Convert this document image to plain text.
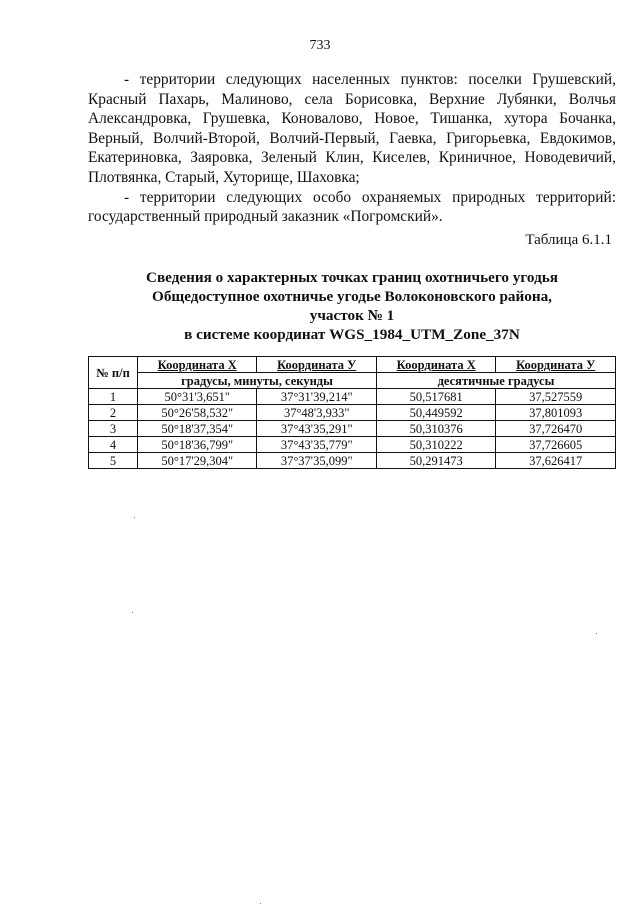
733

- территории следующих населенных пунктов: поселки Грушевский, Красный Пахарь, Малиново, села Борисовка, Верхние Лубянки, Волчья Александровка, Грушевка, Коновалово, Новое, Тишанка, хутора Бочанка, Верный, Волчий-Второй, Волчий-Первый, Гаевка, Григорьевка, Евдокимов, Екатериновка, Заяровка, Зеленый Клин, Киселев, Криничное, Новодевичий, Плотвянка, Старый, Хуторище, Шаховка;

- территории следующих особо охраняемых природных территорий: государственный природный заказник «Погромский».

Таблица 6.1.1
Сведения о характерных точках границ охотничьего угодья
Общедоступное охотничье угодье Волоконовского района,
участок № 1
в системе координат WGS_1984_UTM_Zone_37N
№ п/п	Координата Х	Координата У	Координата Х	Координата У
	градусы, минуты, секунды		десятичные градусы	
1	50°31'3,651"	37°31'39,214"	50,517681	37,527559
2	50°26'58,532"	37°48'3,933"	50,449592	37,801093
3	50°18'37,354"	37°43'35,291"	50,310376	37,726470
4	50°18'36,799"	37°43'35,779"	50,310222	37,726605
5	50°17'29,304"	37°37'35,099"	50,291473	37,626417
